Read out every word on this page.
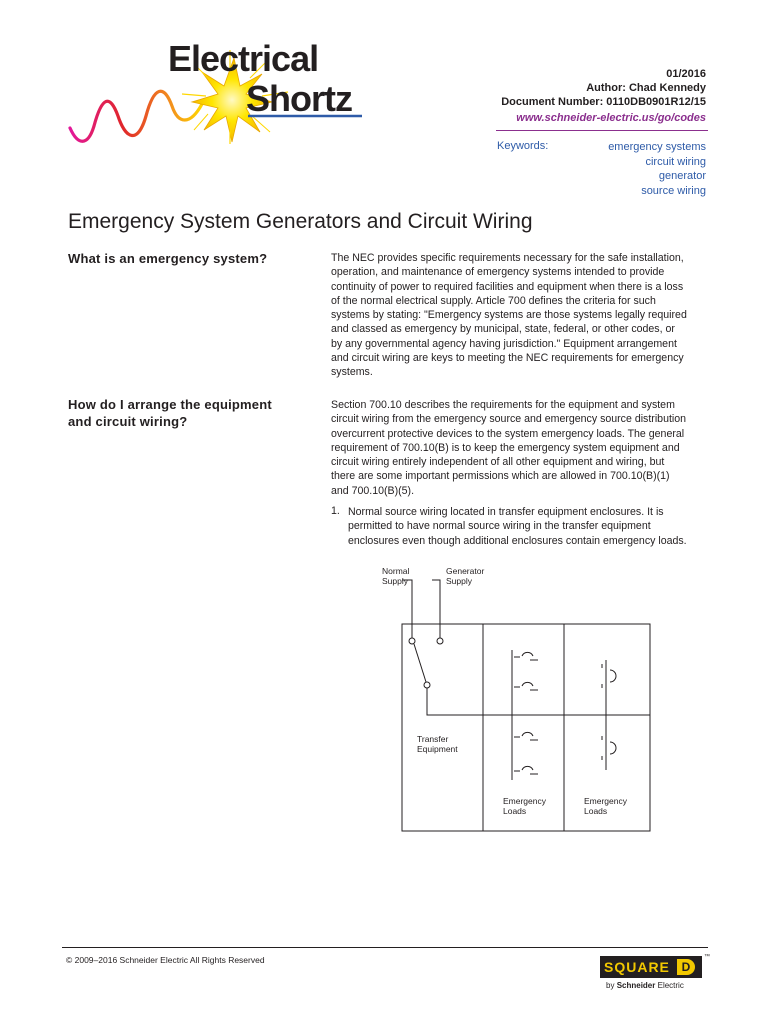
Electrical
Shortz
01/2016
Author: Chad Kennedy
Document Number: 0110DB0901R12/15
www.schneider-electric.us/go/codes
Keywords:	emergency systems
circuit wiring
generator
source wiring
Emergency System Generators and Circuit Wiring
What is an emergency system?	The NEC provides specific requirements necessary for the safe installation,
operation, and maintenance of emergency systems intended to provide
continuity of power to required facilities and equipment when there is a loss
of the normal electrical supply. Article 700 defines the criteria for such
systems by stating: "Emergency systems are those systems legally required
and classed as emergency by municipal, state, federal, or other codes, or
by any governmental agency having jurisdiction." Equipment arrangement
and circuit wiring are keys to meeting the NEC requirements for emergency
systems.
How do I arrange the equipment
and circuit wiring?
Section 700.10 describes the requirements for the equipment and system
circuit wiring from the emergency source and emergency source distribution
overcurrent protective devices to the system emergency loads. The general
requirement of 700.10(B) is to keep the emergency system equipment and
circuit wiring entirely independent of all other equipment and wiring, but
there are some important permissions which are allowed in 700.10(B)(1)
and 700.10(B)(5).
1. Normal source wiring located in transfer equipment enclosures. It is
permitted to have normal source wiring in the transfer equipment
enclosures even though additional enclosures contain emergency loads.
Normal
Supply
Generator
Supply
Transfer
Equipment
Emergency
Loads
Emergency
Loads
© 2009–2016 Schneider Electric All Rights Reserved	SQUARE D
™
by Schneider Electric
